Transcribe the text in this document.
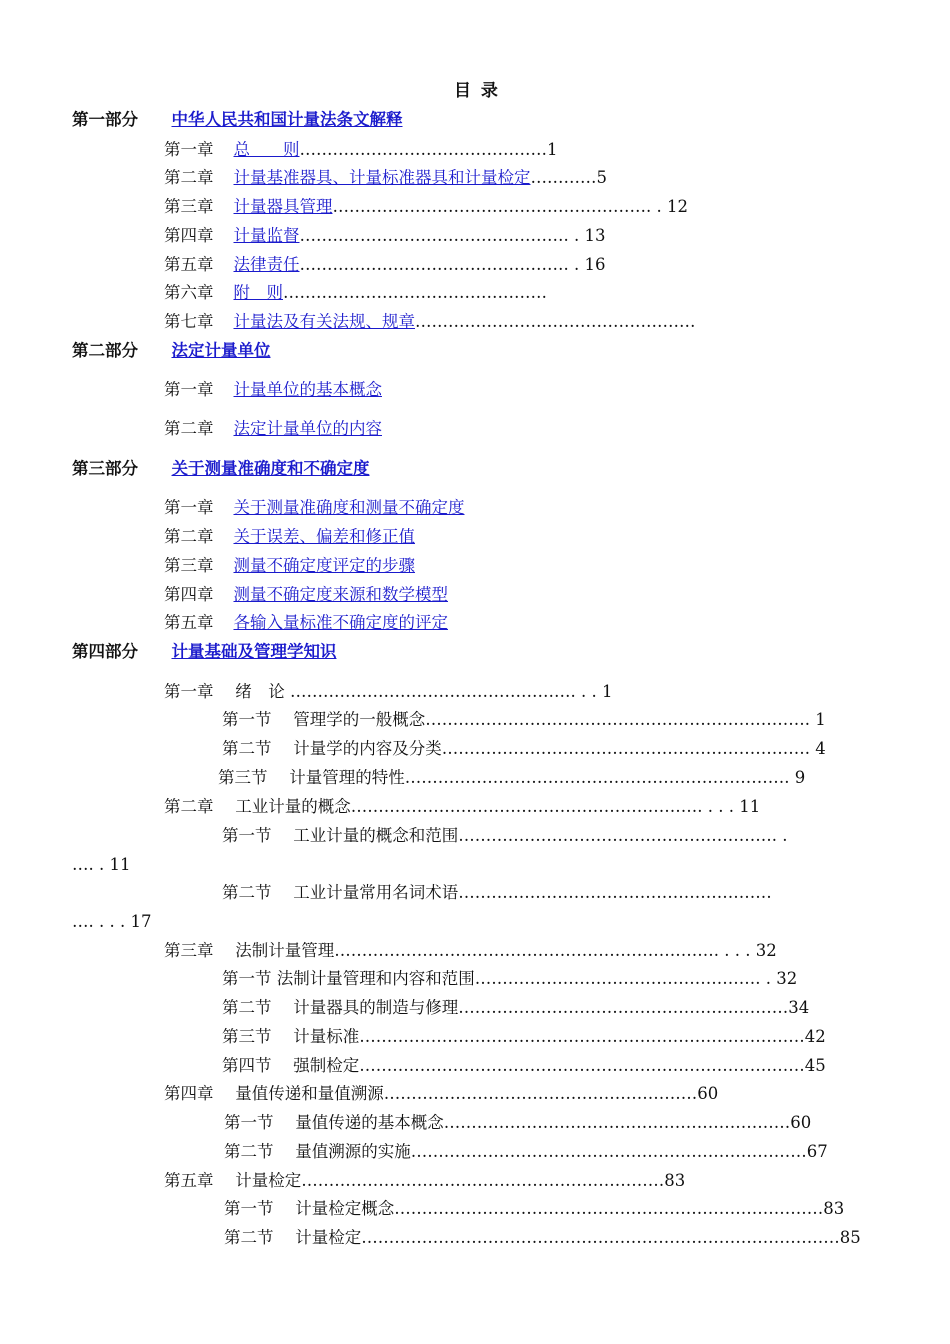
目 录
第一部分 中华人民共和国计量法条文解释
第一章 总　　则………………………………………1
第二章 计量基准器具、计量标准器具和计量检定…………5
第三章 计量器具管理…………………………………………………. . 12
第四章 计量监督…………………………………………. . 13
第五章 法律责任…………………………………………. . 16
第六章 附　则…………………………………………
第七章 计量法及有关法规、规章……………………………………………
第二部分 法定计量单位
第一章 计量单位的基本概念
第二章 法定计量单位的内容
第三部分 关于测量准确度和不确定度
第一章 关于测量准确度和测量不确定度
第二章 关于误差、偏差和修正值
第三章 测量不确定度评定的步骤
第四章 测量不确定度来源和数学模型
第五章 各输入量标准不确定度的评定
第四部分 计量基础及管理学知识
第一章　 绪　论 ……………………………………………. . . 1
第一节　 管理学的一般概念……………………………………………………………. 1
第二节　 计量学的内容及分类…………………………………………………………. 4
第三节　 计量管理的特性……………………………………………………………. 9
第二章　 工业计量的概念………………………………………………………. . . . 11
第一节　 工业计量的概念和范围…………………………………………………. .
…. . 11
第二节　 工业计量常用名词术语…………………………………………………
…. . . . 17
第三章　 法制计量管理……………………………………………………………. . . . 32
第一节 法制计量管理和内容和范围……………………………………………. . 32
第二节　 计量器具的制造与修理……………………………………………………34
第三节　 计量标准………………………………………………………………………42
第四节　 强制检定………………………………………………………………………45
第四章　 量值传递和量值溯源…………………………………………………60
第一节　 量值传递的基本概念………………………………………………………60
第二节　 量值溯源的实施………………………………………………………………67
第五章　 计量检定…………………………………………………………83
第一节　 计量检定概念……………………………………………………………………83
第二节　 计量检定……………………………………………………………………………85
